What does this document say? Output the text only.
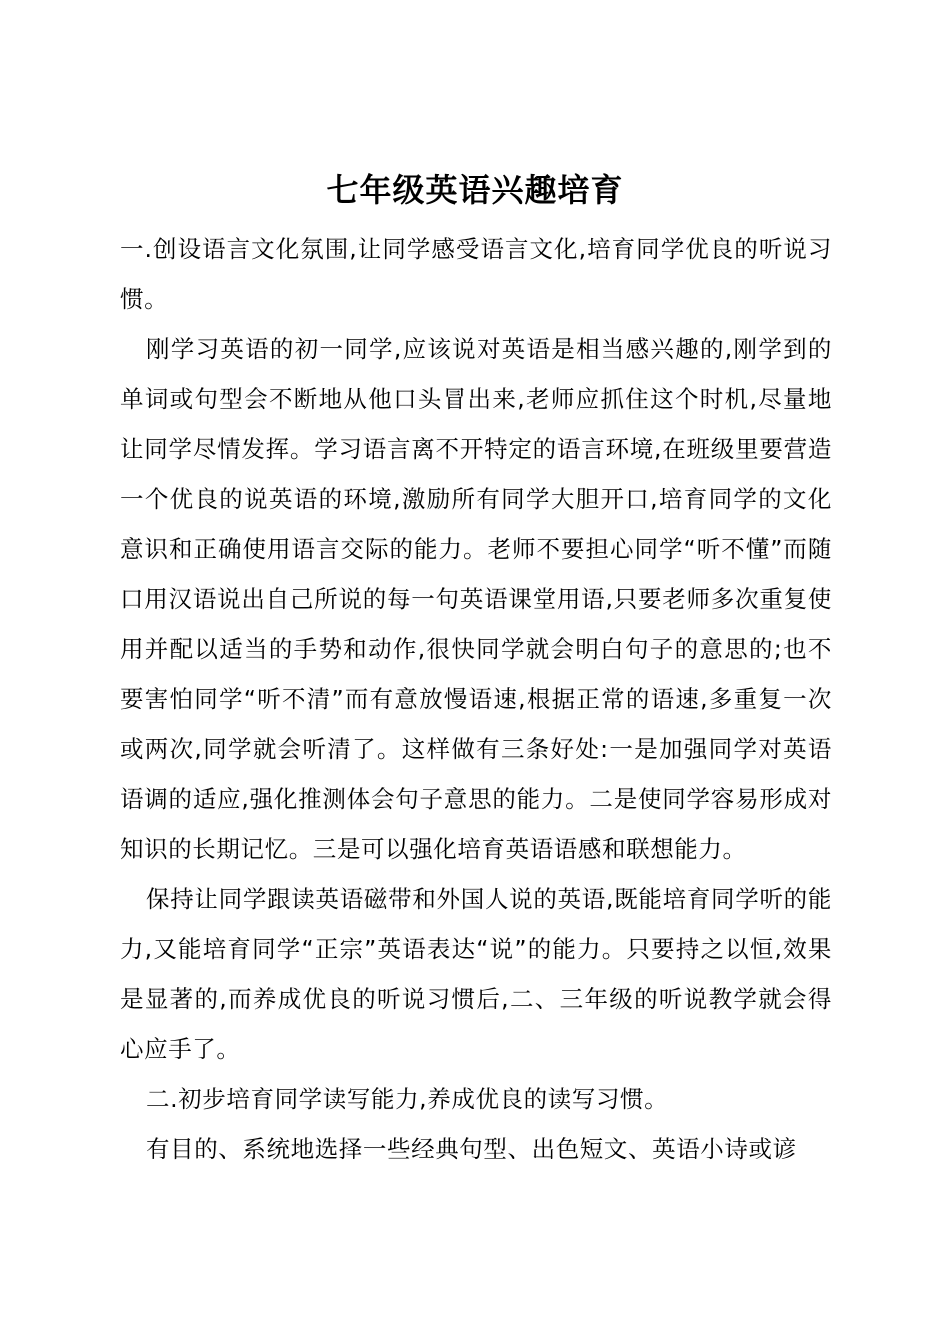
七年级英语兴趣培育

一.创设语言文化氛围,让同学感受语言文化,培育同学优良的听说习惯。

刚学习英语的初一同学,应该说对英语是相当感兴趣的,刚学到的单词或句型会不断地从他口头冒出来,老师应抓住这个时机,尽量地让同学尽情发挥。学习语言离不开特定的语言环境,在班级里要营造一个优良的说英语的环境,激励所有同学大胆开口,培育同学的文化意识和正确使用语言交际的能力。老师不要担心同学“听不懂”而随口用汉语说出自己所说的每一句英语课堂用语,只要老师多次重复使用并配以适当的手势和动作,很快同学就会明白句子的意思的;也不要害怕同学“听不清”而有意放慢语速,根据正常的语速,多重复一次或两次,同学就会听清了。这样做有三条好处:一是加强同学对英语语调的适应,强化推测体会句子意思的能力。二是使同学容易形成对知识的长期记忆。三是可以强化培育英语语感和联想能力。

保持让同学跟读英语磁带和外国人说的英语,既能培育同学听的能力,又能培育同学“正宗”英语表达“说”的能力。只要持之以恒,效果是显著的,而养成优良的听说习惯后,二、三年级的听说教学就会得心应手了。

二.初步培育同学读写能力,养成优良的读写习惯。

有目的、系统地选择一些经典句型、出色短文、英语小诗或谚
